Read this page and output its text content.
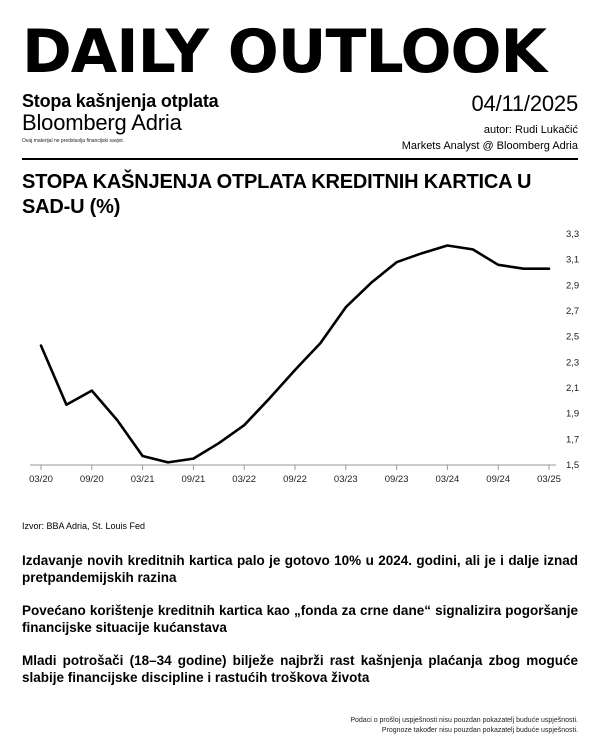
DAILY OUTLOOK
Stopa kašnjenja otplata
Bloomberg Adria
Ovaj materijal ne predstavlja financijski savjet.
04/11/2025
autor: Rudi Lukačić
Markets Analyst @ Bloomberg Adria
STOPA KAŠNJENJA OTPLATA KREDITNIH KARTICA U SAD-U (%)
03/20	09/20	03/21	09/21	03/22	09/22	03/23	09/23	03/24	09/24	03/25
1,5
1,7
1,9
2,1
2,3
2,5
2,7
2,9
3,1
3,3
Izvor: BBA Adria, St. Louis Fed

Izdavanje novih kreditnih kartica palo je gotovo 10% u 2024. godini, ali je i dalje iznad pretpandemijskih razina

Povećano korištenje kreditnih kartica kao „fonda za crne dane“ signalizira pogoršanje financijske situacije kućanstava

Mladi potrošači (18–34 godine) bilježe najbrži rast kašnjenja plaćanja zbog moguće slabije financijske discipline i rastućih troškova života

Podaci o prošloj uspješnosti nisu pouzdan pokazatelj buduće uspješnosti.
Prognoze također nisu pouzdan pokazatelj buduće uspješnosti.
